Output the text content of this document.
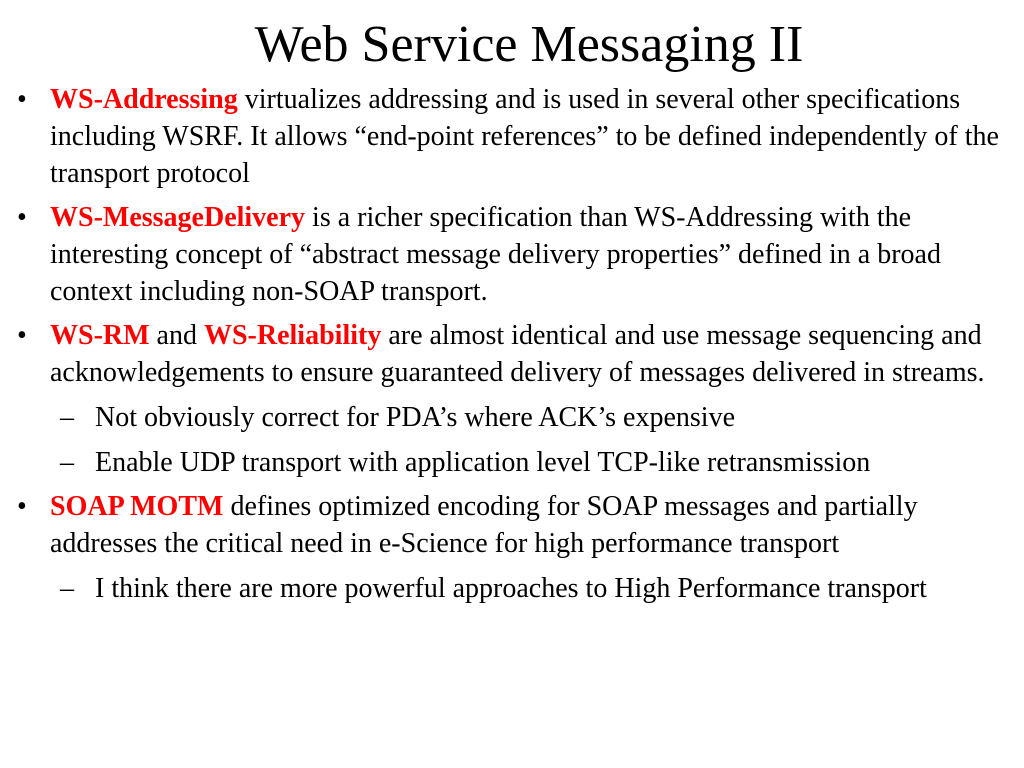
Web Service Messaging II
• WS-Addressing virtualizes addressing and is used in several other specifications including WSRF. It allows “end-point references” to be defined independently of the transport protocol
• WS-MessageDelivery is a richer specification than WS-Addressing with the interesting concept of “abstract message delivery properties” defined in a broad context including non-SOAP transport.
• WS-RM and WS-Reliability are almost identical and use message sequencing and acknowledgements to ensure guaranteed delivery of messages delivered in streams.
– Not obviously correct for PDA’s where ACK’s expensive
– Enable UDP transport with application level TCP-like retransmission
• SOAP MOTM defines optimized encoding for SOAP messages and partially addresses the critical need in e-Science for high performance transport
– I think there are more powerful approaches to High Performance transport
